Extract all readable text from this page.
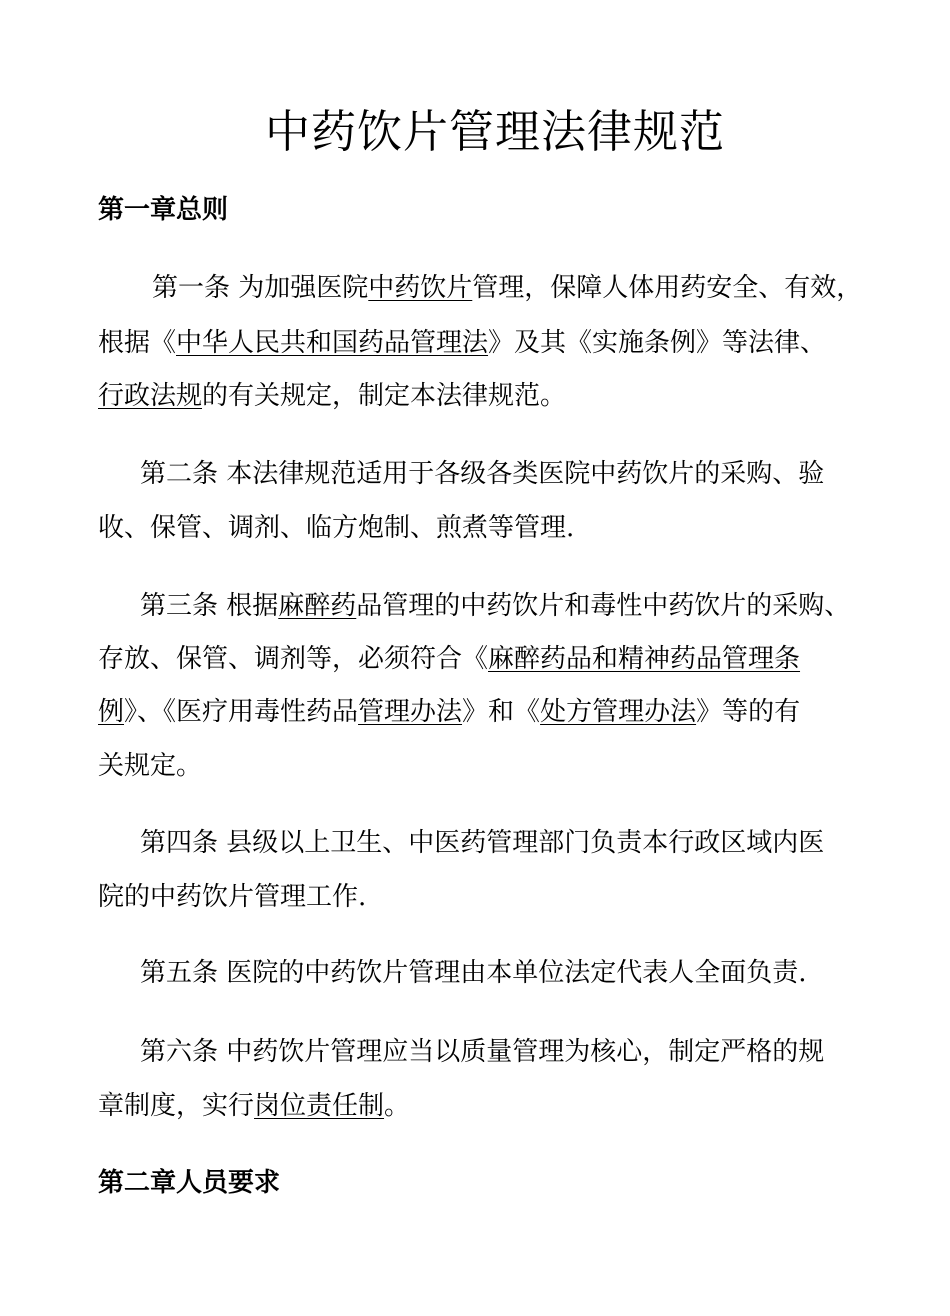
中药饮片管理法律规范
第一章总则
第一条 为加强医院中药饮片管理，保障人体用药安全、有效，
根据《中华人民共和国药品管理法》及其《实施条例》等法律、
行政法规的有关规定，制定本法律规范。
第二条 本法律规范适用于各级各类医院中药饮片的采购、验
收、保管、调剂、临方炮制、煎煮等管理.
第三条 根据麻醉药品管理的中药饮片和毒性中药饮片的采购、
存放、保管、调剂等，必须符合《麻醉药品和精神药品管理条
例》、《医疗用毒性药品管理办法》和《处方管理办法》等的有
关规定。
第四条 县级以上卫生、中医药管理部门负责本行政区域内医
院的中药饮片管理工作.
第五条 医院的中药饮片管理由本单位法定代表人全面负责.
第六条 中药饮片管理应当以质量管理为核心，制定严格的规
章制度，实行岗位责任制。
第二章人员要求
